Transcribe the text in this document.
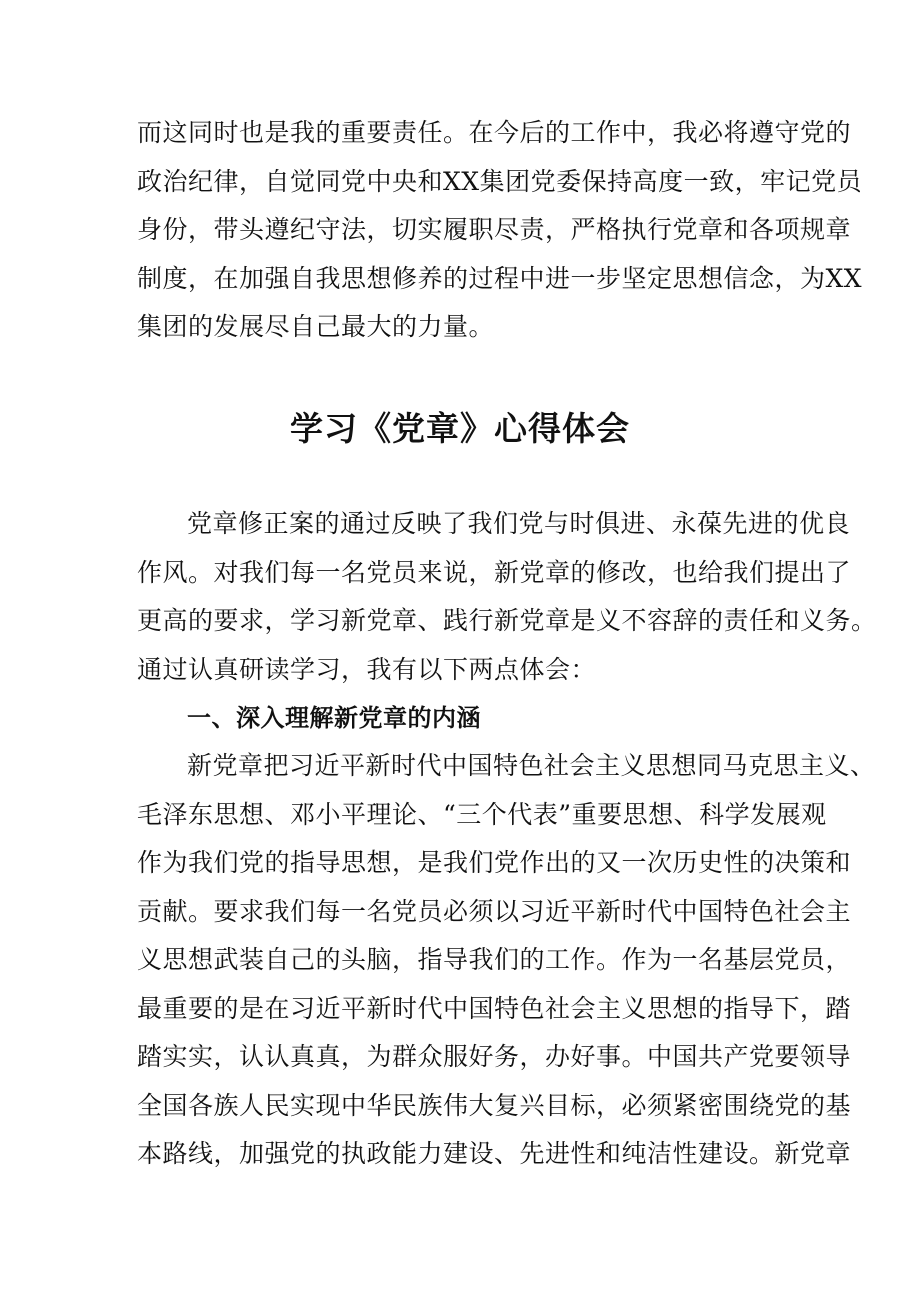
而这同时也是我的重要责任。在今后的工作中，我必将遵守党的
政治纪律，自觉同党中央和XX集团党委保持高度一致，牢记党员
身份，带头遵纪守法，切实履职尽责，严格执行党章和各项规章
制度，在加强自我思想修养的过程中进一步坚定思想信念，为XX
集团的发展尽自己最大的力量。
学习《党章》心得体会
党章修正案的通过反映了我们党与时俱进、永葆先进的优良
作风。对我们每一名党员来说，新党章的修改，也给我们提出了
更高的要求，学习新党章、践行新党章是义不容辞的责任和义务。
通过认真研读学习，我有以下两点体会：
一、深入理解新党章的内涵
新党章把习近平新时代中国特色社会主义思想同马克思主义、
毛泽东思想、邓小平理论、“三个代表”重要思想、科学发展观
作为我们党的指导思想，是我们党作出的又一次历史性的决策和
贡献。要求我们每一名党员必须以习近平新时代中国特色社会主
义思想武装自己的头脑，指导我们的工作。作为一名基层党员，
最重要的是在习近平新时代中国特色社会主义思想的指导下，踏
踏实实，认认真真，为群众服好务，办好事。中国共产党要领导
全国各族人民实现中华民族伟大复兴目标，必须紧密围绕党的基
本路线，加强党的执政能力建设、先进性和纯洁性建设。新党章
